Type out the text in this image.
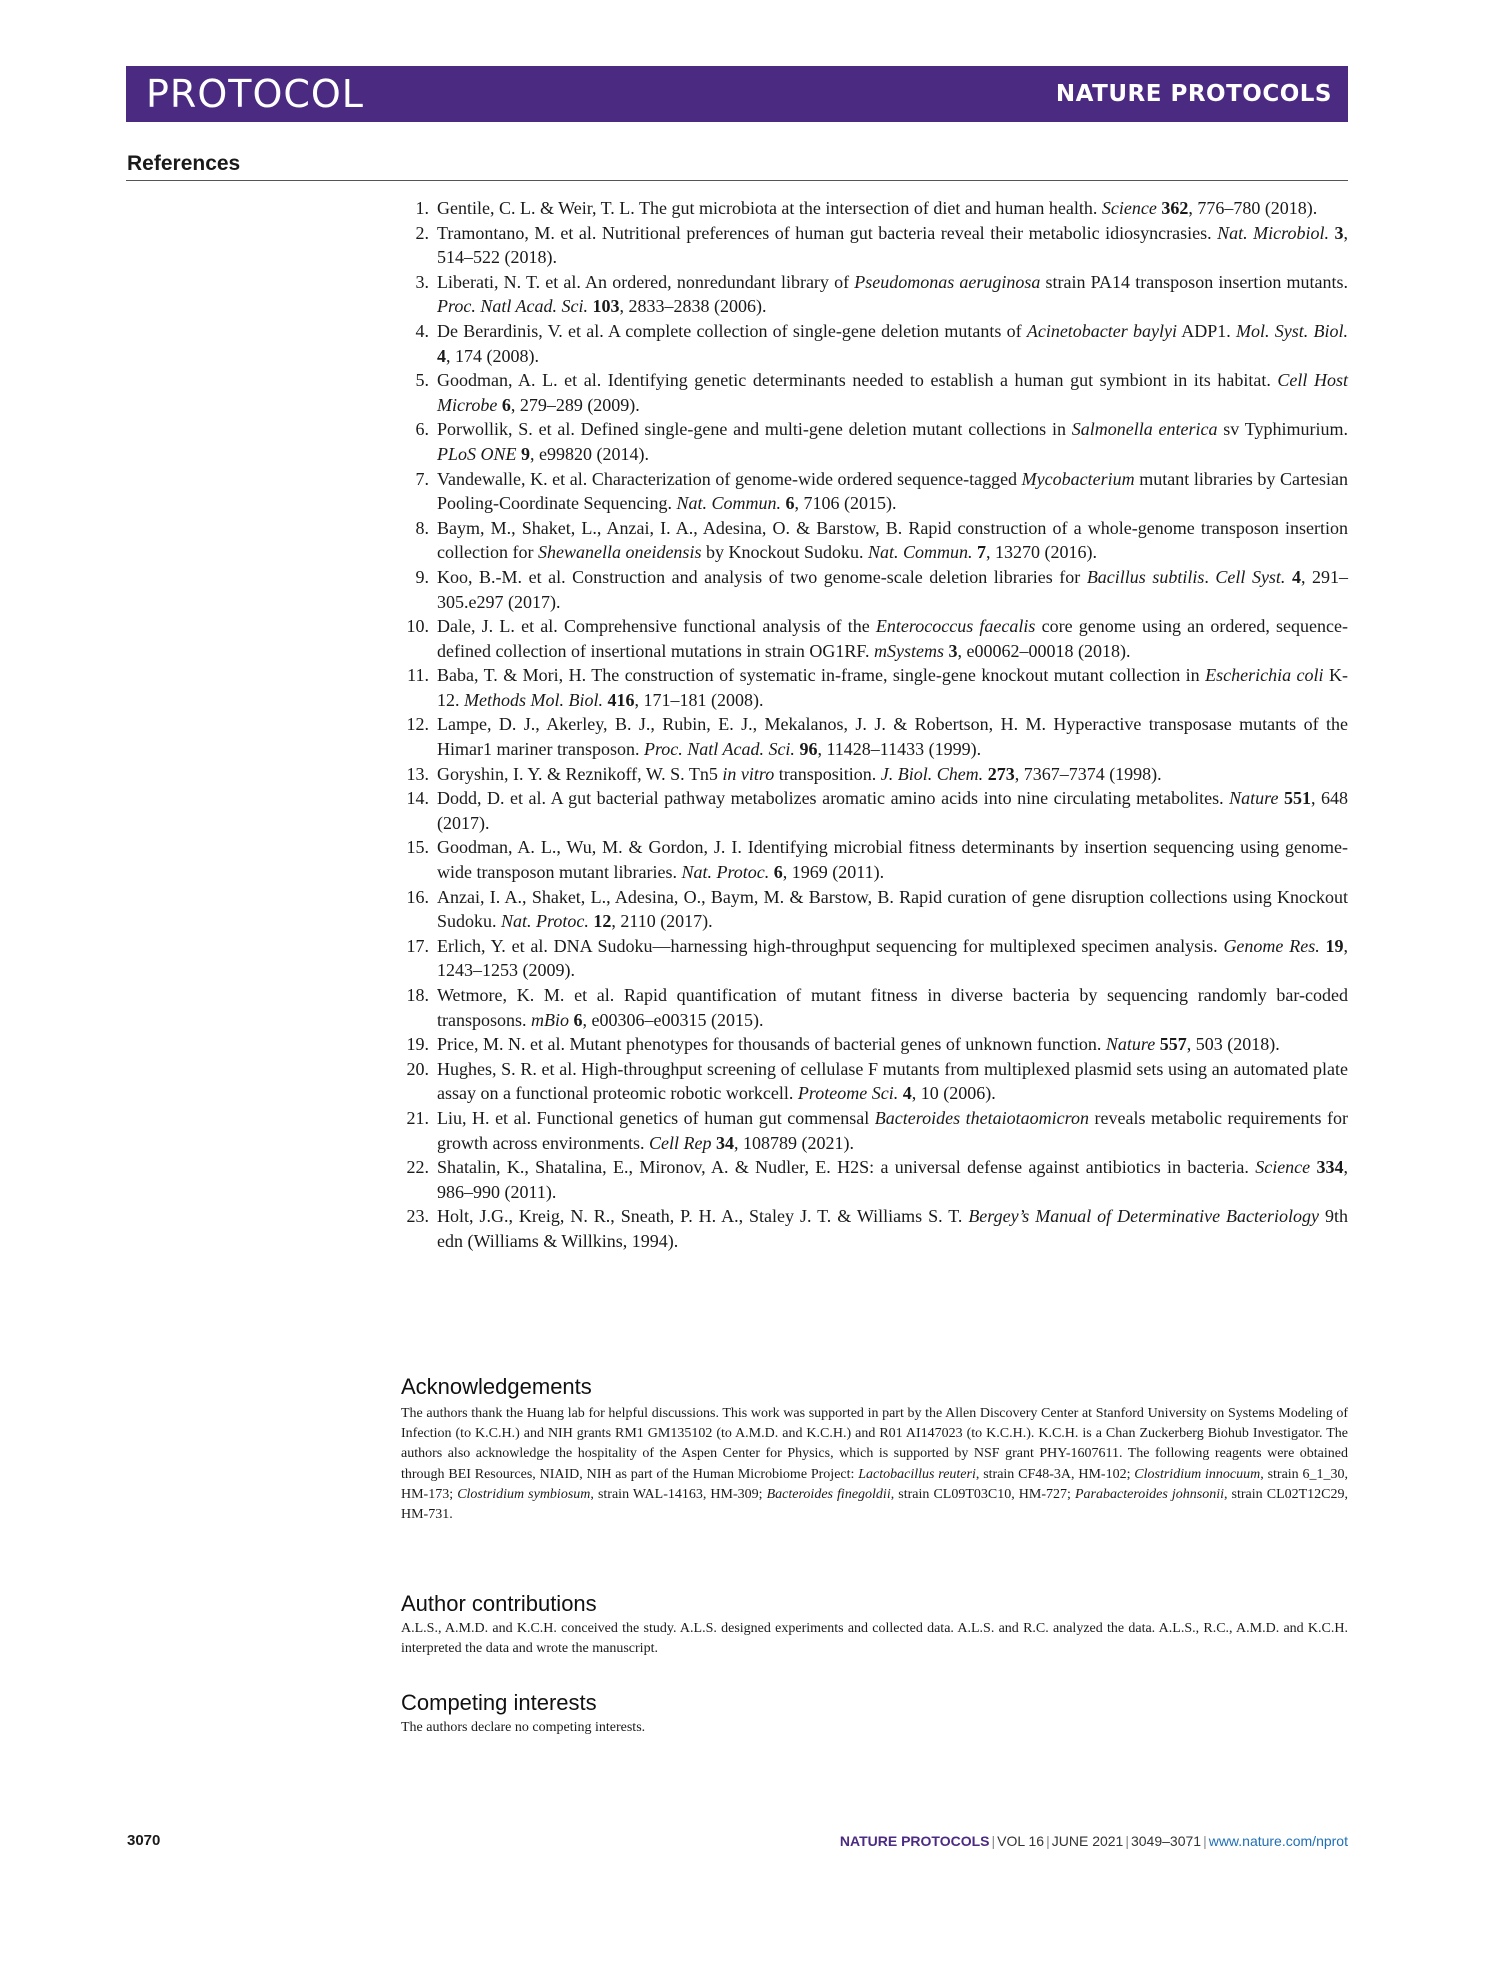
PROTOCOL	NATURE PROTOCOLS
References
1. Gentile, C. L. & Weir, T. L. The gut microbiota at the intersection of diet and human health. Science 362, 776–780 (2018).
2. Tramontano, M. et al. Nutritional preferences of human gut bacteria reveal their metabolic idiosyncrasies. Nat. Microbiol. 3, 514–522 (2018).
3. Liberati, N. T. et al. An ordered, nonredundant library of Pseudomonas aeruginosa strain PA14 transposon insertion mutants. Proc. Natl Acad. Sci. 103, 2833–2838 (2006).
4. De Berardinis, V. et al. A complete collection of single-gene deletion mutants of Acinetobacter baylyi ADP1. Mol. Syst. Biol. 4, 174 (2008).
5. Goodman, A. L. et al. Identifying genetic determinants needed to establish a human gut symbiont in its habitat. Cell Host Microbe 6, 279–289 (2009).
6. Porwollik, S. et al. Defined single-gene and multi-gene deletion mutant collections in Salmonella enterica sv Typhimurium. PLoS ONE 9, e99820 (2014).
7. Vandewalle, K. et al. Characterization of genome-wide ordered sequence-tagged Mycobacterium mutant libraries by Cartesian Pooling-Coordinate Sequencing. Nat. Commun. 6, 7106 (2015).
8. Baym, M., Shaket, L., Anzai, I. A., Adesina, O. & Barstow, B. Rapid construction of a whole-genome transposon insertion collection for Shewanella oneidensis by Knockout Sudoku. Nat. Commun. 7, 13270 (2016).
9. Koo, B.-M. et al. Construction and analysis of two genome-scale deletion libraries for Bacillus subtilis. Cell Syst. 4, 291–305.e297 (2017).
10. Dale, J. L. et al. Comprehensive functional analysis of the Enterococcus faecalis core genome using an ordered, sequence-defined collection of insertional mutations in strain OG1RF. mSystems 3, e00062–00018 (2018).
11. Baba, T. & Mori, H. The construction of systematic in-frame, single-gene knockout mutant collection in Escherichia coli K-12. Methods Mol. Biol. 416, 171–181 (2008).
12. Lampe, D. J., Akerley, B. J., Rubin, E. J., Mekalanos, J. J. & Robertson, H. M. Hyperactive transposase mutants of the Himar1 mariner transposon. Proc. Natl Acad. Sci. 96, 11428–11433 (1999).
13. Goryshin, I. Y. & Reznikoff, W. S. Tn5 in vitro transposition. J. Biol. Chem. 273, 7367–7374 (1998).
14. Dodd, D. et al. A gut bacterial pathway metabolizes aromatic amino acids into nine circulating metabolites. Nature 551, 648 (2017).
15. Goodman, A. L., Wu, M. & Gordon, J. I. Identifying microbial fitness determinants by insertion sequencing using genome-wide transposon mutant libraries. Nat. Protoc. 6, 1969 (2011).
16. Anzai, I. A., Shaket, L., Adesina, O., Baym, M. & Barstow, B. Rapid curation of gene disruption collections using Knockout Sudoku. Nat. Protoc. 12, 2110 (2017).
17. Erlich, Y. et al. DNA Sudoku—harnessing high-throughput sequencing for multiplexed specimen analysis. Genome Res. 19, 1243–1253 (2009).
18. Wetmore, K. M. et al. Rapid quantification of mutant fitness in diverse bacteria by sequencing randomly bar-coded transposons. mBio 6, e00306–e00315 (2015).
19. Price, M. N. et al. Mutant phenotypes for thousands of bacterial genes of unknown function. Nature 557, 503 (2018).
20. Hughes, S. R. et al. High-throughput screening of cellulase F mutants from multiplexed plasmid sets using an automated plate assay on a functional proteomic robotic workcell. Proteome Sci. 4, 10 (2006).
21. Liu, H. et al. Functional genetics of human gut commensal Bacteroides thetaiotaomicron reveals metabolic requirements for growth across environments. Cell Rep 34, 108789 (2021).
22. Shatalin, K., Shatalina, E., Mironov, A. & Nudler, E. H2S: a universal defense against antibiotics in bacteria. Science 334, 986–990 (2011).
23. Holt, J.G., Kreig, N. R., Sneath, P. H. A., Staley J. T. & Williams S. T. Bergey’s Manual of Determinative Bacteriology 9th edn (Williams & Willkins, 1994).
Acknowledgements

The authors thank the Huang lab for helpful discussions. This work was supported in part by the Allen Discovery Center at Stanford University on Systems Modeling of Infection (to K.C.H.) and NIH grants RM1 GM135102 (to A.M.D. and K.C.H.) and R01 AI147023 (to K.C.H.). K.C.H. is a Chan Zuckerberg Biohub Investigator. The authors also acknowledge the hospitality of the Aspen Center for Physics, which is supported by NSF grant PHY-1607611. The following reagents were obtained through BEI Resources, NIAID, NIH as part of the Human Microbiome Project: Lactobacillus reuteri, strain CF48-3A, HM-102; Clostridium innocuum, strain 6_1_30, HM-173; Clostridium symbiosum, strain WAL-14163, HM-309; Bacteroides finegoldii, strain CL09T03C10, HM-727; Parabacteroides johnsonii, strain CL02T12C29, HM-731.

Author contributions

A.L.S., A.M.D. and K.C.H. conceived the study. A.L.S. designed experiments and collected data. A.L.S. and R.C. analyzed the data. A.L.S., R.C., A.M.D. and K.C.H. interpreted the data and wrote the manuscript.

Competing interests

The authors declare no competing interests.

3070	NATURE PROTOCOLS | VOL 16 | JUNE 2021 | 3049–3071 | www.nature.com/nprot
